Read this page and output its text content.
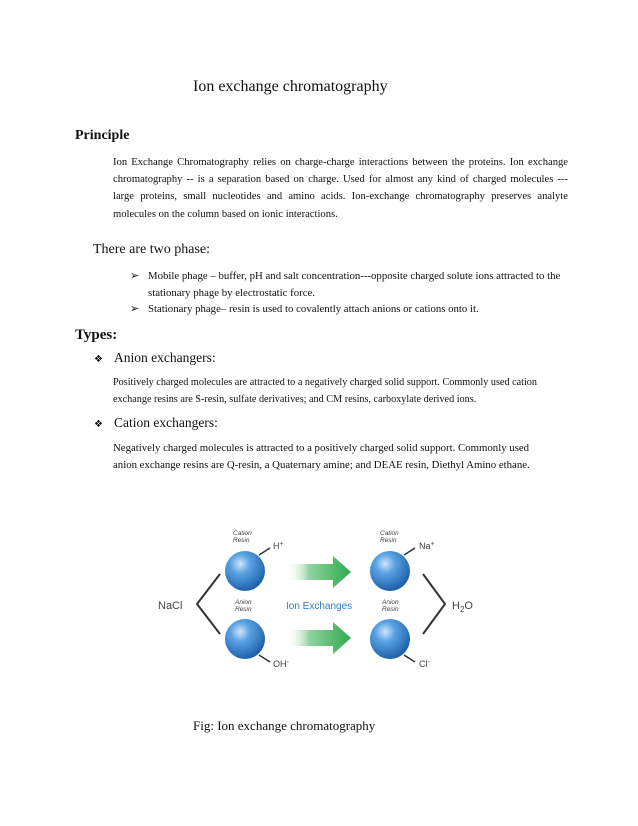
Ion exchange chromatography
Principle
Ion Exchange Chromatography relies on charge-charge interactions between the proteins. Ion exchange chromatography -- is a separation based on charge. Used for almost any kind of charged molecules --- large proteins, small nucleotides and amino acids. Ion-exchange chromatography preserves analyte molecules on the column based on ionic interactions.
There are two phase:
➢ Mobile phage – buffer, pH and salt concentration---opposite charged solute ions attracted to the stationary phage by electrostatic force.
➢ Stationary phage– resin is used to covalently attach anions or cations onto it.
Types:
❖ Anion exchangers:
Positively charged molecules are attracted to a negatively charged solid support. Commonly used cation exchange resins are S-resin, sulfate derivatives; and CM resins, carboxylate derived ions.
❖ Cation exchangers:
Negatively charged molecules is attracted to a positively charged solid support. Commonly used anion exchange resins are Q-resin, a Quaternary amine; and DEAE resin, Diethyl Amino ethane.
NaCl
Cation
Resin
Anion
Resin
H+
OH-
Ion Exchanges
Cation
Resin
Anion
Resin
Na+
Cl-
$H_2O$
Fig: Ion exchange chromatography
